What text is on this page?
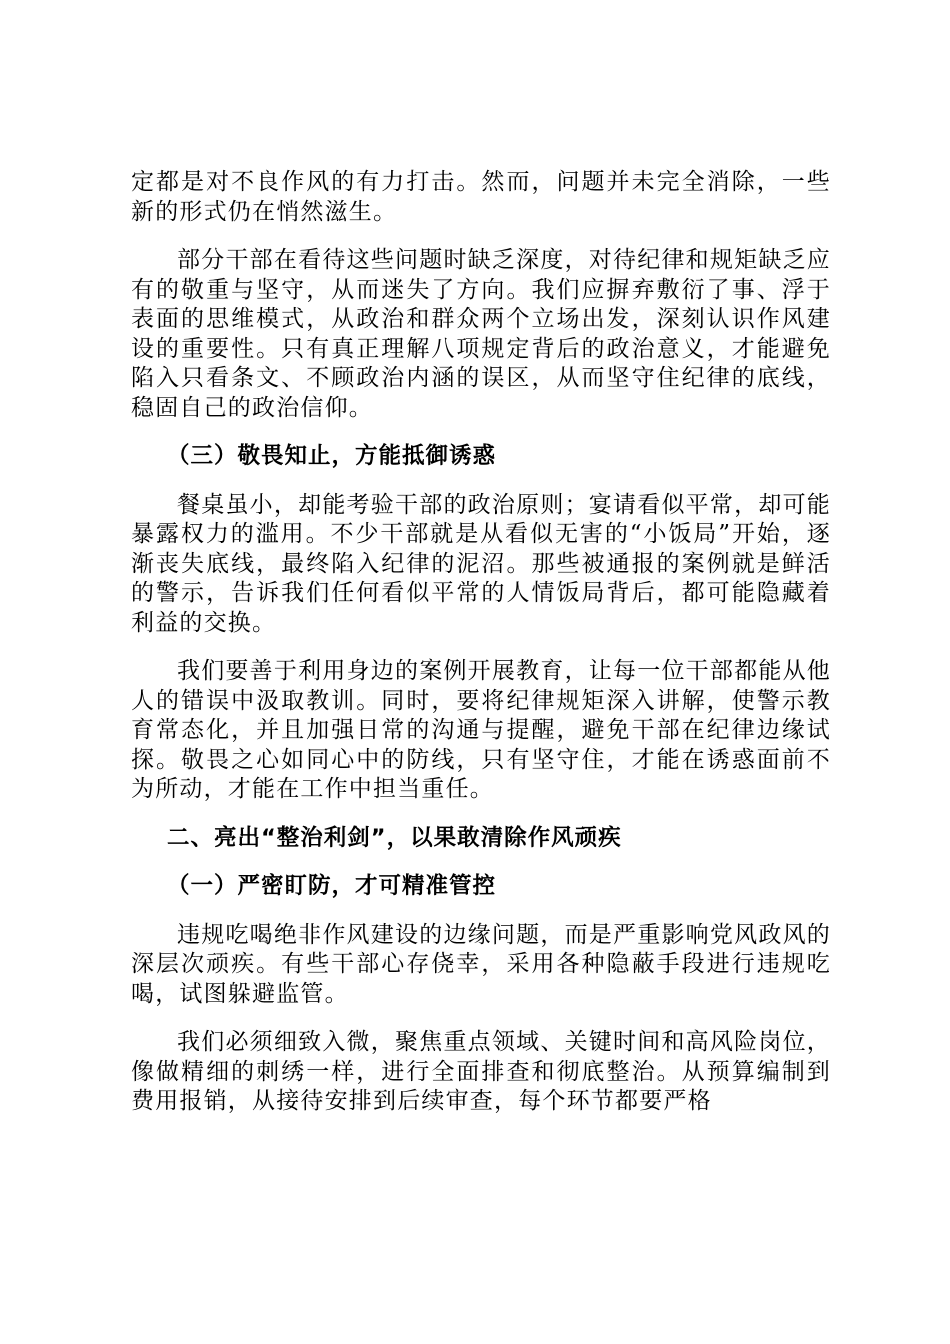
定都是对不良作风的有力打击。然而，问题并未完全消除，一些新的形式仍在悄然滋生。

部分干部在看待这些问题时缺乏深度，对待纪律和规矩缺乏应有的敬重与坚守，从而迷失了方向。我们应摒弃敷衍了事、浮于表面的思维模式，从政治和群众两个立场出发，深刻认识作风建设的重要性。只有真正理解八项规定背后的政治意义，才能避免陷入只看条文、不顾政治内涵的误区，从而坚守住纪律的底线，稳固自己的政治信仰。

（三）敬畏知止，方能抵御诱惑

餐桌虽小，却能考验干部的政治原则；宴请看似平常，却可能暴露权力的滥用。不少干部就是从看似无害的“小饭局”开始，逐渐丧失底线，最终陷入纪律的泥沼。那些被通报的案例就是鲜活的警示，告诉我们任何看似平常的人情饭局背后，都可能隐藏着利益的交换。

我们要善于利用身边的案例开展教育，让每一位干部都能从他人的错误中汲取教训。同时，要将纪律规矩深入讲解，使警示教育常态化，并且加强日常的沟通与提醒，避免干部在纪律边缘试探。敬畏之心如同心中的防线，只有坚守住，才能在诱惑面前不为所动，才能在工作中担当重任。

二、亮出“整治利剑”，以果敢清除作风顽疾

（一）严密盯防，才可精准管控

违规吃喝绝非作风建设的边缘问题，而是严重影响党风政风的深层次顽疾。有些干部心存侥幸，采用各种隐蔽手段进行违规吃喝，试图躲避监管。

我们必须细致入微，聚焦重点领域、关键时间和高风险岗位，像做精细的刺绣一样，进行全面排查和彻底整治。从预算编制到费用报销，从接待安排到后续审查，每个环节都要严格
